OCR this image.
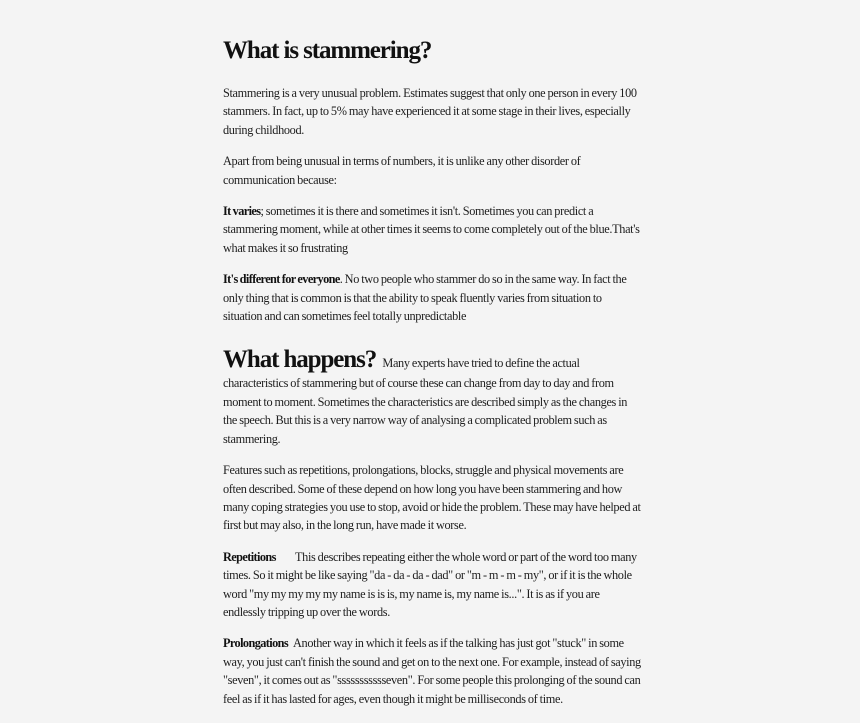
What is stammering?

Stammering is a very unusual problem. Estimates suggest that only one person in every 100 stammers. In fact, up to 5% may have experienced it at some stage in their lives, especially during childhood.

Apart from being unusual in terms of numbers, it is unlike any other disorder of communication because:

It varies; sometimes it is there and sometimes it isn't. Sometimes you can predict a stammering moment, while at other times it seems to come completely out of the blue.That's what makes it so frustrating

It's different for everyone. No two people who stammer do so in the same way. In fact the only thing that is common is that the ability to speak fluently varies from situation to situation and can sometimes feel totally unpredictable

What happens? Many experts have tried to define the actual characteristics of stammering but of course these can change from day to day and from moment to moment. Sometimes the characteristics are described simply as the changes in the speech. But this is a very narrow way of analysing a complicated problem such as stammering.

Features such as repetitions, prolongations, blocks, struggle and physical movements are often described. Some of these depend on how long you have been stammering and how many coping strategies you use to stop, avoid or hide the problem. These may have helped at first but may also, in the long run, have made it worse.

Repetitions This describes repeating either the whole word or part of the word too many times. So it might be like saying "da - da - da - dad" or "m - m - m - my", or if it is the whole word "my my my my my name is is is, my name is, my name is...". It is as if you are endlessly tripping up over the words.

Prolongations Another way in which it feels as if the talking has just got "stuck" in some way, you just can't finish the sound and get on to the next one. For example, instead of saying "seven", it comes out as "ssssssssssseven". For some people this prolonging of the sound can feel as if it has lasted for ages, even though it might be milliseconds of time.
